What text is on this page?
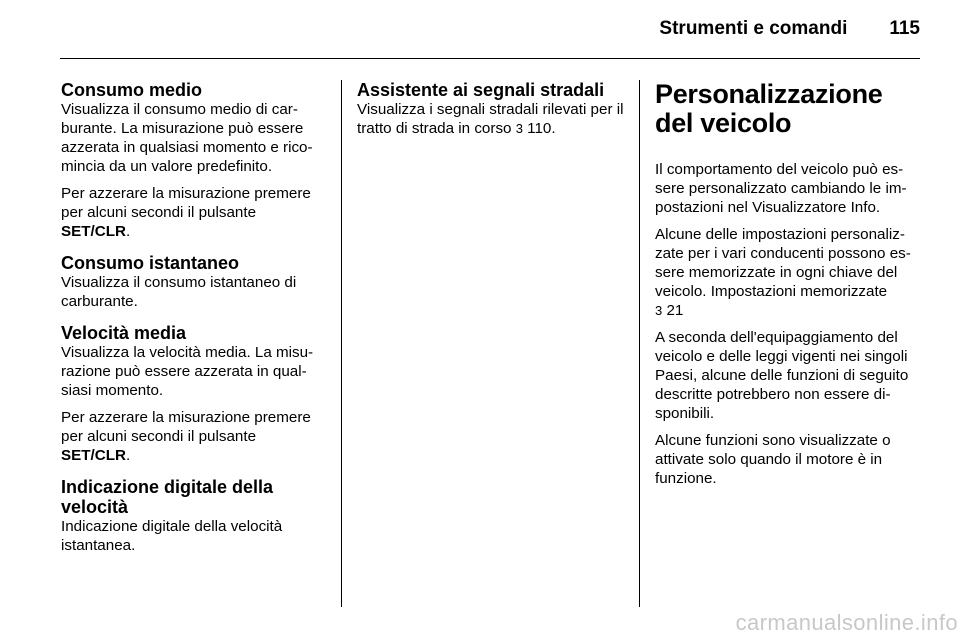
Strumenti e comandi 115
Consumo medio

Visualizza il consumo medio di car-burante. La misurazione può essere azzerata in qualsiasi momento e rico-mincia da un valore predefinito.

Per azzerare la misurazione premere per alcuni secondi il pulsante SET/CLR.

Consumo istantaneo

Visualizza il consumo istantaneo di carburante.

Velocità media

Visualizza la velocità media. La misu-razione può essere azzerata in qual-siasi momento.

Per azzerare la misurazione premere per alcuni secondi il pulsante SET/CLR.

Indicazione digitale della velocità

Indicazione digitale della velocità istantanea.

Assistente ai segnali stradali

Visualizza i segnali stradali rilevati per il tratto di strada in corso 3 110.

Personalizzazione del veicolo

Il comportamento del veicolo può es-sere personalizzato cambiando le im-postazioni nel Visualizzatore Info.

Alcune delle impostazioni personaliz-zate per i vari conducenti possono es-sere memorizzate in ogni chiave del veicolo. Impostazioni memorizzate
3 21

A seconda dell'equipaggiamento del veicolo e delle leggi vigenti nei singoli Paesi, alcune delle funzioni di seguito descritte potrebbero non essere di-sponibili.

Alcune funzioni sono visualizzate o attivate solo quando il motore è in funzione.

carmanualsonline.info
